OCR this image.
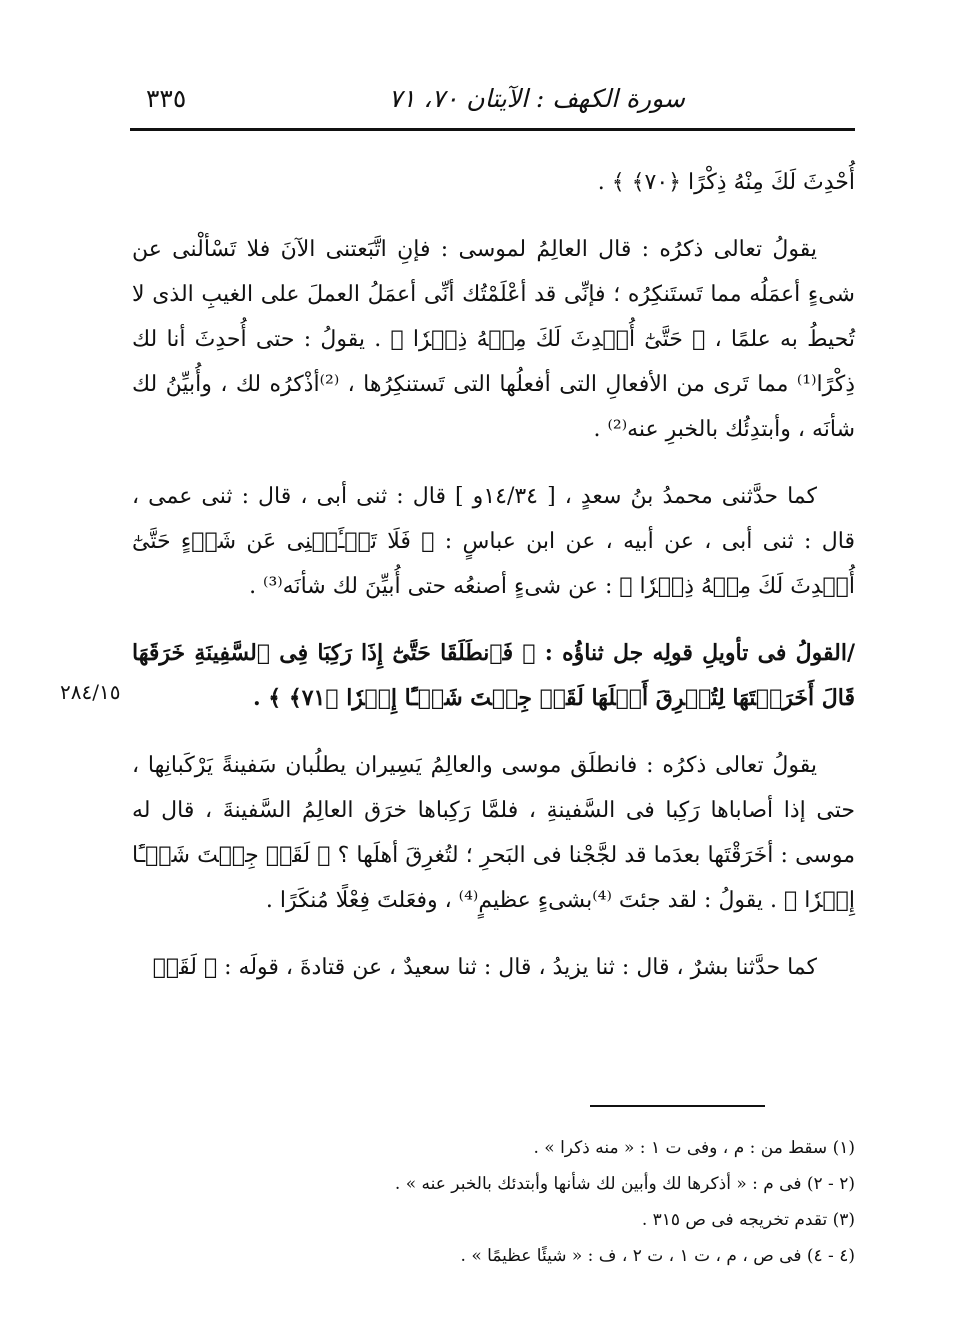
سورة الكهف : الآيتان ٧٠، ٧١
٣٣٥
٢٨٤/١٥

أُحْدِثَ لَكَ مِنْهُ ذِكْرًا ﴿٧٠﴾ ﴾ .

يقولُ تعالى ذكرُه : قال العالِمُ لموسى : فإنِ اتَّبَعتنى الآنَ فلا تَسْألْنى عن شىءٍ أعمَلُه مما تَستَنكِرُه ؛ فإنِّى قد أعْلَمْتُك أنِّى أعمَلُ العملَ على الغيبِ الذى لا تُحيطُ به علمًا ، ﴿ حَتَّىٰٓ أُحۡدِثَ لَكَ مِنۡهُ ذِكۡرٗا ﴾ . يقولُ : حتى أُحدِثَ أنا لك ذِكْرًا⁽¹⁾ مما تَرى من الأفعالِ التى أفعلُها التى تَستنكِرُها ، ⁽²⁾أذْكرُه لك ، وأُبيِّنُ لك شأنَه ، وأبتدِئُك بالخبرِ عنه⁽²⁾ .

كما حدَّثنى محمدُ بنُ سعدٍ ، [ ١٤/٣٤و ] قال : ثنى أبى ، قال : ثنى عمى ، قال : ثنى أبى ، عن أبيه ، عن ابن عباسٍ : ﴿ فَلَا تَسۡـَٔلۡنِى عَن شَىۡءٍ حَتَّىٰٓ أُحۡدِثَ لَكَ مِنۡهُ ذِكۡرٗا ﴾ : عن شىءٍ أصنعُه حتى أُبيِّنَ لك شأنَه⁽³⁾ .

/القولُ فى تأويلِ قولِه جل ثناؤُه : ﴿ فَٱنطَلَقَا حَتَّىٰٓ إِذَا رَكِبَا فِى ٱلسَّفِينَةِ خَرَقَهَا قَالَ أَخَرَقۡتَهَا لِتُغۡرِقَ أَهۡلَهَا لَقَدۡ جِئۡتَ شَيۡـًٔا إِمۡرٗا ﴿٧١﴾ ﴾ .

يقولُ تعالى ذكرُه : فانطلَق موسى والعالِمُ يَسِيران يطلُبان سَفينةً يَرْكَبانِها ، حتى إذا أصاباها رَكِبا فى السَّفينةِ ، فلمَّا رَكِباها خرَق العالِمُ السَّفينةَ ، قال له موسى : أخَرَقْتَها بعدَما قد لجَّجْنا فى البَحرِ ؛ لتُغرِقَ أهلَها ؟ ﴿ لَقَدۡ جِئۡتَ شَيۡـًٔا إِمۡرٗا ﴾ . يقولُ : لقد جئتَ ⁽⁴⁾بشىءٍ عظيمٍ⁽⁴⁾ ، وفعَلتَ فِعْلًا مُنكَرًا .

كما حدَّثنا بشرٌ ، قال : ثنا يزيدُ ، قال : ثنا سعيدٌ ، عن قتادةَ ، قولَه : ﴿ لَقَدۡ

(١) سقط من : م ، وفى ت ١ : « منه ذكرا » .
(٢ - ٢) فى م : « أذكرها لك وأبين لك شأنها وأبتدئك بالخبر عنه » .
(٣) تقدم تخريجه فى ص ٣١٥ .
(٤ - ٤) فى ص ، م ، ت ١ ، ت ٢ ، ف : « شيئًا عظيمًا » .
